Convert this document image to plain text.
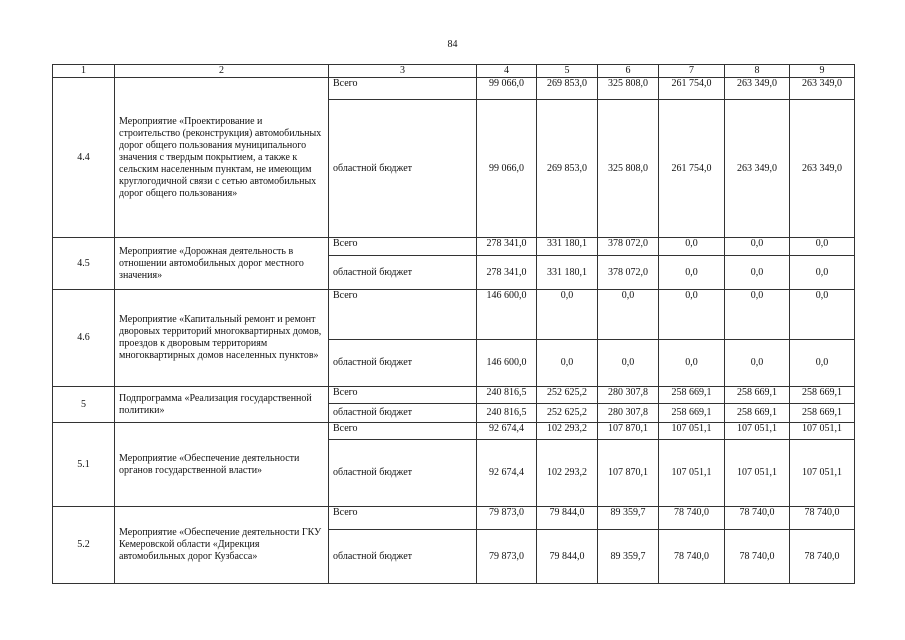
84
1	2	3	4	5	6	7	8	9
4.4	Мероприятие «Проектирование и строительство (реконструкция) автомобильных дорог общего пользования муниципального значения с твердым покрытием, а также к сельским населенным пунктам, не имеющим круглогодичной связи с сетью автомобильных дорог общего пользования»	Всего	99 066,0	269 853,0	325 808,0	261 754,0	263 349,0	263 349,0
		областной бюджет	99 066,0	269 853,0	325 808,0	261 754,0	263 349,0	263 349,0
4.5	Мероприятие «Дорожная деятельность в отношении автомобильных дорог местного значения»	Всего	278 341,0	331 180,1	378 072,0	0,0	0,0	0,0
		областной бюджет	278 341,0	331 180,1	378 072,0	0,0	0,0	0,0
4.6	Мероприятие «Капитальный ремонт и ремонт дворовых территорий многоквартирных домов, проездов к дворовым территориям многоквартирных домов населенных пунктов»	Всего	146 600,0	0,0	0,0	0,0	0,0	0,0
		областной бюджет	146 600,0	0,0	0,0	0,0	0,0	0,0
5	Подпрограмма «Реализация государственной политики»	Всего	240 816,5	252 625,2	280 307,8	258 669,1	258 669,1	258 669,1
		областной бюджет	240 816,5	252 625,2	280 307,8	258 669,1	258 669,1	258 669,1
5.1	Мероприятие «Обеспечение деятельности органов государственной власти»	Всего	92 674,4	102 293,2	107 870,1	107 051,1	107 051,1	107 051,1
		областной бюджет	92 674,4	102 293,2	107 870,1	107 051,1	107 051,1	107 051,1
5.2	Мероприятие «Обеспечение деятельности ГКУ Кемеровской области «Дирекция автомобильных дорог Кузбасса»	Всего	79 873,0	79 844,0	89 359,7	78 740,0	78 740,0	78 740,0
		областной бюджет	79 873,0	79 844,0	89 359,7	78 740,0	78 740,0	78 740,0
